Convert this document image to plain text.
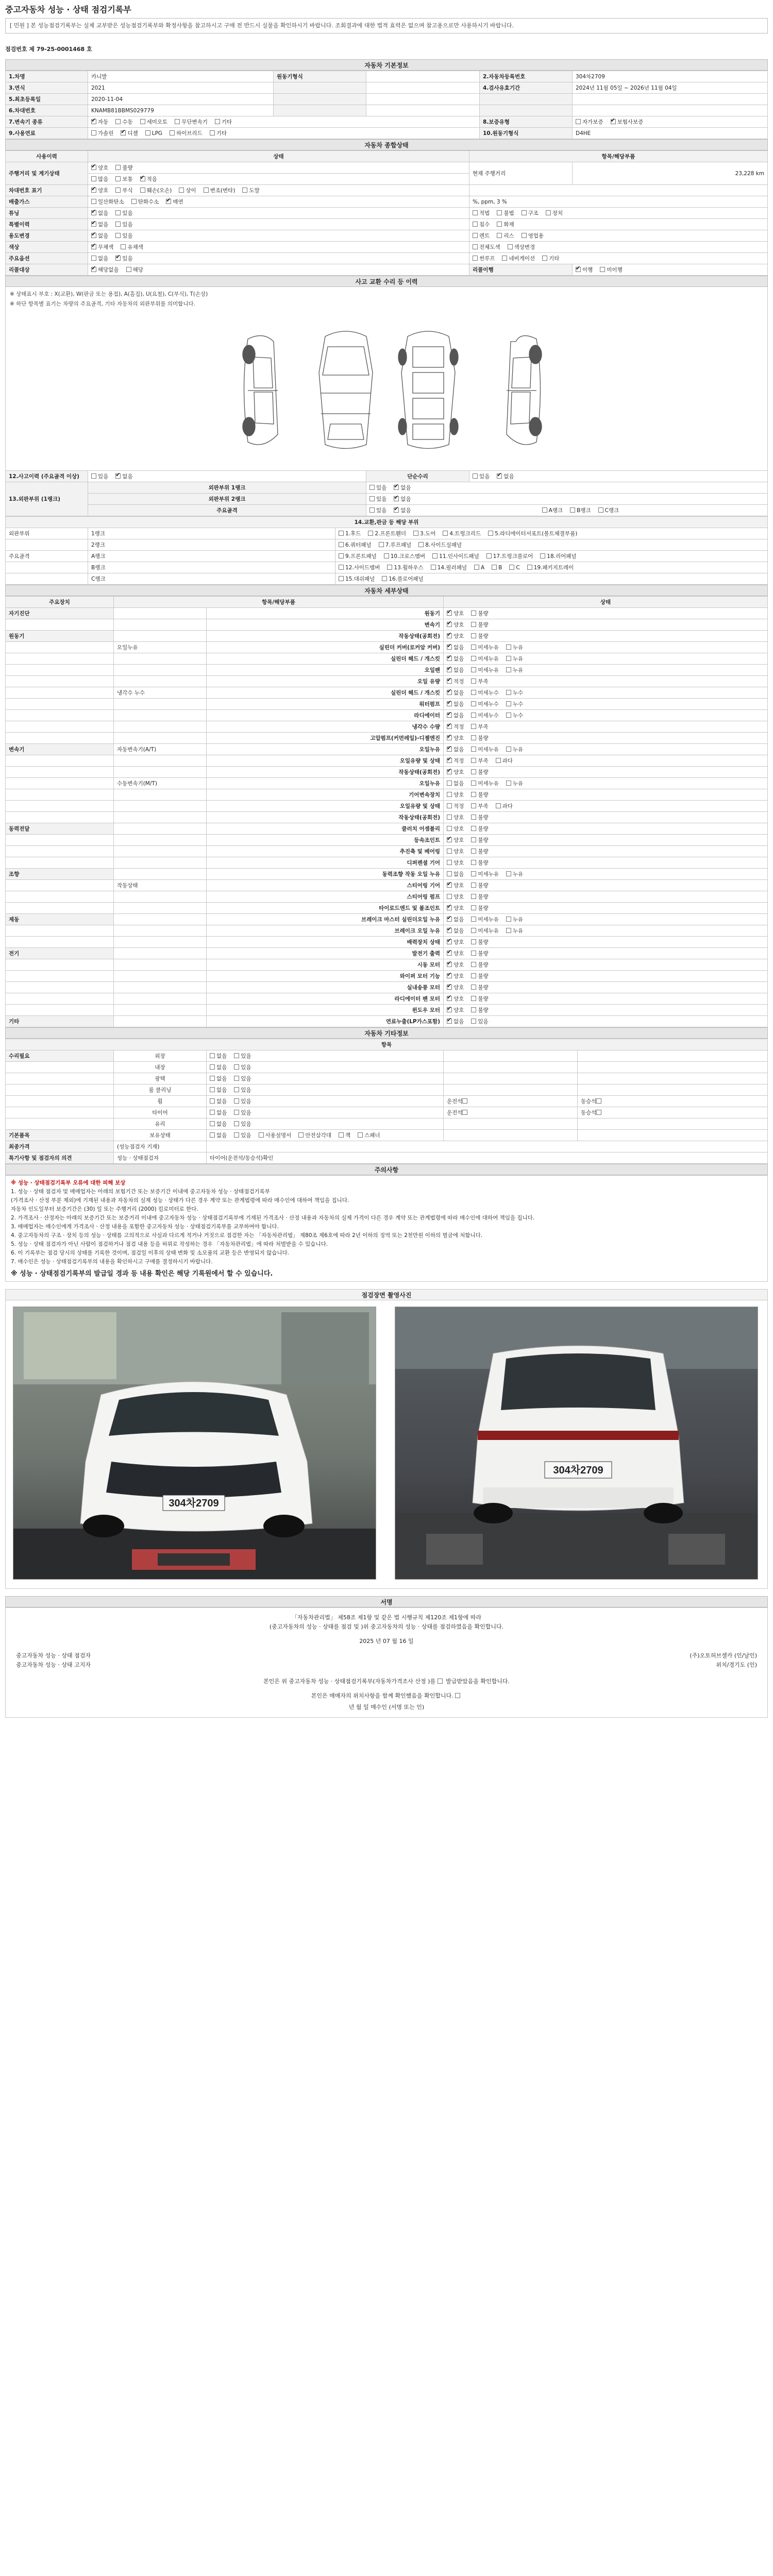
중고자동차 성능 · 상태 점검기록부
[ 민원 ] 본 성능점검기록부는 실제 교부받은 성능점검기록부와 확정사항을 참고하시고 구매 전 반드시 실물을 확인하시기 바랍니다. 조회결과에 대한 법적 효력은 없으며 참고용으로만 사용하시기 바랍니다.
점검번호 제 79-25-0001468 호
자동차 기본정보
1.차명	카니발	원동기형식		2.자동차등록번호	304차2709
3.연식	2021			4.검사유효기간	2024년 11월 05일 ~ 2026년 11월 04일
5.최초등록일	2020-11-04				
6.차대번호	KNAMB81BBMS029779				
7.변속기 종류	✔자동 수동 세미오토 무단변속기 기타			8.보증유형	자가보증 ✔ 보험사보증
9.사용연료	가솔린 ✔ 디젤 LPG 하이브리드 기타			10.원동기형식	D4HE
자동차 종합상태
사용이력	상태	항목/해당부품	
주행거리 및 계기상태	✔양호 불량	현재 주행거리	23,228 km
	많음 보통 ✔ 적음
차대번호 표기	✔양호 부식 훼손(오손) 상이 변조(변타) 도말	
배출가스	일산화탄소 탄화수소 ✔ 매연	%, ppm, 3 %	
튜닝	✔없음 있음	적법 불법 구조 장치	
특별이력	✔없음 있음	침수 화재	
용도변경	✔없음 있음	렌트 리스 영업용	
색상	✔무채색 유채색	전체도색 색상변경	
주요옵션	없음 ✔ 있음	썬루프 네비게이션 기타	
리콜대상	✔해당없음 해당	리콜이행	✔이행 미이행
사고 교환 수리 등 이력
※ 상태표시 부호 : X(교환), W(판금 또는 용접), A(흠집), U(요철), C(부식), T(손상)
※ 하단 항목별 표기는 차량의 주요골격, 기타 자동차의 외판부위를 의미합니다.
12.사고이력 (주요골격 이상)	있음 ✔ 없음	단순수리	있음 ✔ 없음
13.외판부위 (1랭크)	외판부위 1랭크	있음 ✔ 없음
	외판부위 2랭크	있음 ✔ 없음
	주요골격	있음 ✔ 없음 A랭크 B랭크 C랭크
14.교환,판금 등 해당 부위		
외판부위	1랭크	1.후드 2.프론트휀더 3.도어 4.트렁크리드 5.라디에이터서포트(볼트체결부품)
	2랭크	6.쿼터패널 7.루프패널 8.사이드실패널
주요골격	A랭크	9.프론트패널 10.크로스멤버 11.인사이드패널 17.트렁크플로어 18.리어패널
	B랭크	12.사이드멤버 13.휠하우스 14.필러패널 A B C 19.패키지트레이
	C랭크	15.대쉬패널 16.플로어패널
자동차 세부상태
주요장치	항목/해당부품		상태
자기진단		원동기	✔양호 불량
		변속기	✔양호 불량
원동기		작동상태(공회전)	✔양호 불량
	오일누유	실린더 커버(로커암 커버)	✔없음 미세누유 누유
		실린더 헤드 / 개스킷	✔없음 미세누유 누유
		오일팬	✔없음 미세누유 누유
		오일 유량	✔적정 부족
	냉각수 누수	실린더 헤드 / 개스킷	✔없음 미세누수 누수
		워터펌프	✔없음 미세누수 누수
		라디에이터	✔없음 미세누수 누수
		냉각수 수량	✔적정 부족
		고압펌프(커먼레일)-디젤엔진	✔양호 불량
변속기	자동변속기(A/T)	오일누유	✔없음 미세누유 누유
		오일유량 및 상태	✔적정 부족 과다
		작동상태(공회전)	✔양호 불량
	수동변속기(M/T)	오일누유	없음 미세누유 누유
		기어변속장치	양호 불량
		오일유량 및 상태	적정 부족 과다
		작동상태(공회전)	양호 불량
동력전달		클러치 어셈블리	양호 불량
		등속조인트	✔양호 불량
		추진축 및 베어링	양호 불량
		디퍼렌셜 기어	양호 불량
조향		동력조향 작동 오일 누유	없음 미세누유 누유
	작동상태	스티어링 기어	✔양호 불량
		스티어링 펌프	양호 불량
		타이로드엔드 및 볼조인트	✔양호 불량
제동		브레이크 마스터 실린더오일 누유	✔없음 미세누유 누유
		브레이크 오일 누유	✔없음 미세누유 누유
		배력장치 상태	✔양호 불량
전기		발전기 출력	✔양호 불량
		시동 모터	✔양호 불량
		와이퍼 모터 기능	✔양호 불량
		실내송풍 모터	✔양호 불량
		라디에이터 팬 모터	✔양호 불량
		윈도우 모터	✔양호 불량
기타		연료누출(LP가스포함)	✔없음 있음
자동차 기타정보
항목				
수리필요	외장	없음 있음		
	내장	없음 있음		
	광택	없음 있음		
	룸 클리닝	없음 있음		
	휠	없음 있음	운전석	동승석
	타이어	없음 있음	운전석	동승석
	유리	없음 있음		
기본품목	보유상태	없음 있음 사용설명서 안전삼각대 잭 스패너		
최종가격	(성능점검자 기재)			
특기사항 및 점검자의 의견	성능 · 상태점검자	타이어(운전석/동승석)확인		
주의사항
※ 성능 · 상태점검기록부 오류에 대한 피해 보상
1. 성능 · 상태 점검자 및 매매업자는 아래의 보험기간 또는 보증기간 이내에 중고자동차 성능 · 상태점검기록부
(가격조사 · 산정 부분 제외)에 기재된 내용과 자동차의 실제 성능 · 상태가 다른 경우 계약 또는 관계법령에 따라 매수인에 대하여 책임을 집니다.
자동차 인도일부터 보증기간은 (30) 일 또는 주행거리 (2000) 킬로미터로 한다.
2. 가격조사 · 산정자는 아래의 보증기간 또는 보증거리 이내에 중고자동차 성능 · 상태점검기록부에 기재된 가격조사 · 산정 내용과 자동차의 실제 가격이 다른 경우 계약 또는 관계법령에 따라 매수인에 대하여 책임을 집니다.
3. 매매업자는 매수인에게 가격조사 · 산정 내용을 포함한 중고자동차 성능 · 상태점검기록부를 교부하여야 합니다.
4. 중고자동차의 구조 · 장치 등의 성능 · 상태를 고의적으로 사실과 다르게 적거나 거짓으로 점검한 자는 「자동차관리법」 제80조 제6호에 따라 2년 이하의 징역 또는 2천만원 이하의 벌금에 처합니다.
5. 성능 · 상태 점검자가 아닌 사람이 점검하거나 점검 내용 등을 허위로 작성하는 경우 「자동차관리법」에 따라 처벌받을 수 있습니다.
6. 이 기록부는 점검 당시의 상태를 기록한 것이며, 점검일 이후의 상태 변화 및 소모품의 교환 등은 반영되지 않습니다.
7. 매수인은 성능 · 상태점검기록부의 내용을 확인하시고 구매를 결정하시기 바랍니다.
※ 성능 · 상태점검기록부의 발급일 경과 등 내용 확인은 해당 기록원에서 할 수 있습니다.
점검장면 촬영사진
304차2709
304차2709
서명
「자동차관리법」 제58조 제1항 및 같은 법 시행규칙 제120조 제1항에 따라
(중고자동차의 성능 · 상태를 점검 및 )위 중고자동차의 성능 · 상태를 점검하였음을 확인합니다.
2025 년 07 월 16 일
중고자동차 성능 · 상태 점검자	(주)오토허브셀카 (인/날인)
중고자동차 성능 · 상태 고지자	위치/경기도 (인)
본인은 위 중고자동차 성능 · 상태점검기록부(자동차가격조사 산정 )를  발급받았음을 확인합니다.
본인은 매매자의 위치사항을 함께 확인했음을 확인합니다.
년 월 일 매수인 (서명 또는 인)
